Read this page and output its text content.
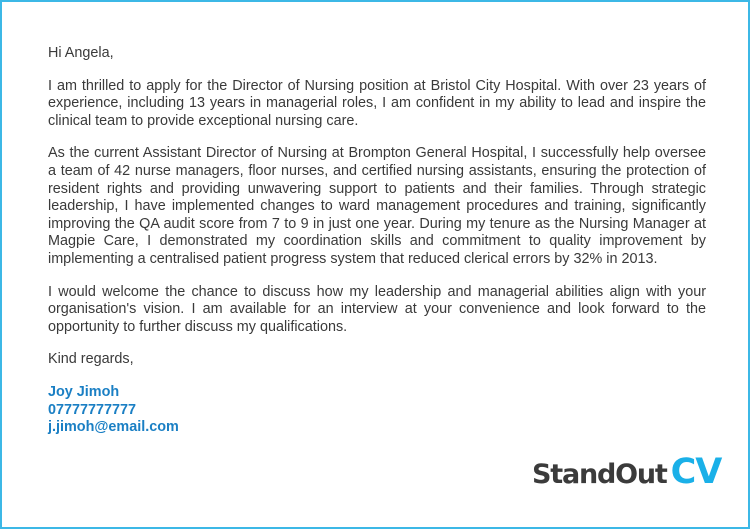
Hi Angela,

I am thrilled to apply for the Director of Nursing position at Bristol City Hospital. With over 23 years of experience, including 13 years in managerial roles, I am confident in my ability to lead and inspire the clinical team to provide exceptional nursing care.

As the current Assistant Director of Nursing at Brompton General Hospital, I successfully help oversee a team of 42 nurse managers, floor nurses, and certified nursing assistants, ensuring the protection of resident rights and providing unwavering support to patients and their families. Through strategic leadership, I have implemented changes to ward management procedures and training, significantly improving the QA audit score from 7 to 9 in just one year. During my tenure as the Nursing Manager at Magpie Care, I demonstrated my coordination skills and commitment to quality improvement by implementing a centralised patient progress system that reduced clerical errors by 32% in 2013.

I would welcome the chance to discuss how my leadership and managerial abilities align with your organisation's vision. I am available for an interview at your convenience and look forward to the opportunity to further discuss my qualifications.

Kind regards,

Joy Jimoh
07777777777
j.jimoh@email.com
StandOut CV
